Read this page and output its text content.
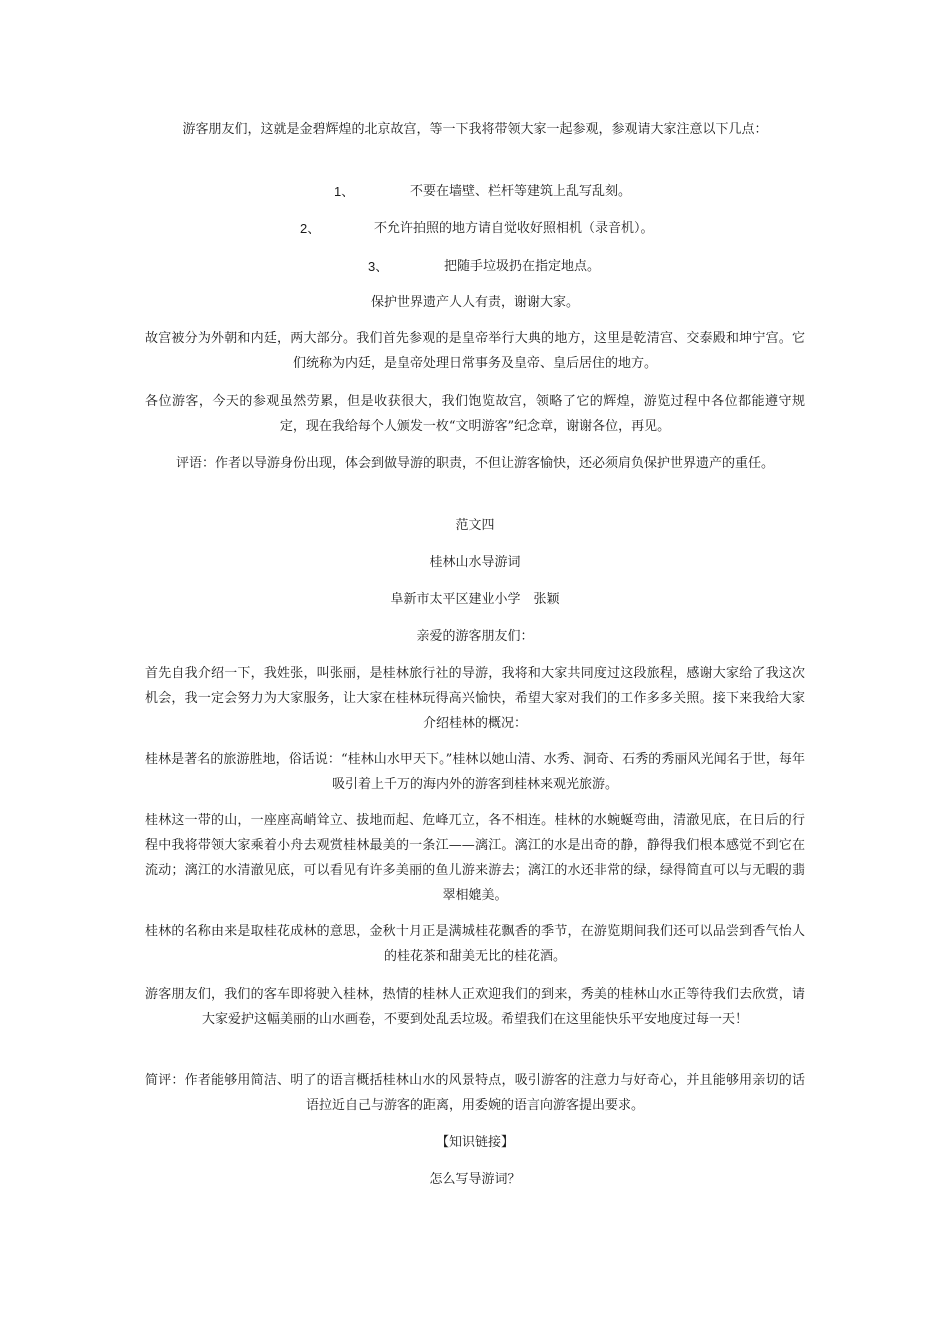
游客朋友们，这就是金碧辉煌的北京故宫，等一下我将带领大家一起参观，参观请大家注意以下几点：

1、	不要在墙壁、栏杆等建筑上乱写乱刻。
2、	不允许拍照的地方请自觉收好照相机（录音机）。
3、	把随手垃圾扔在指定地点。

保护世界遗产人人有责，谢谢大家。

故宫被分为外朝和内廷，两大部分。我们首先参观的是皇帝举行大典的地方，这里是乾清宫、交泰殿和坤宁宫。它们统称为内廷，是皇帝处理日常事务及皇帝、皇后居住的地方。

各位游客，今天的参观虽然劳累，但是收获很大，我们饱览故宫，领略了它的辉煌，游览过程中各位都能遵守规定，现在我给每个人颁发一枚“文明游客”纪念章，谢谢各位，再见。

评语：作者以导游身份出现，体会到做导游的职责，不但让游客愉快，还必须肩负保护世界遗产的重任。

范文四

桂林山水导游词

阜新市太平区建业小学　张颖

亲爱的游客朋友们：

首先自我介绍一下，我姓张，叫张丽，是桂林旅行社的导游，我将和大家共同度过这段旅程，感谢大家给了我这次机会，我一定会努力为大家服务，让大家在桂林玩得高兴愉快，希望大家对我们的工作多多关照。接下来我给大家介绍桂林的概况：

桂林是著名的旅游胜地，俗话说：“桂林山水甲天下。”桂林以她山清、水秀、洞奇、石秀的秀丽风光闻名于世，每年吸引着上千万的海内外的游客到桂林来观光旅游。

桂林这一带的山，一座座高峭耸立、拔地而起、危峰兀立，各不相连。桂林的水蜿蜒弯曲，清澈见底，在日后的行程中我将带领大家乘着小舟去观赏桂林最美的一条江——漓江。漓江的水是出奇的静，静得我们根本感觉不到它在流动；漓江的水清澈见底，可以看见有许多美丽的鱼儿游来游去；漓江的水还非常的绿，绿得简直可以与无暇的翡翠相媲美。

桂林的名称由来是取桂花成林的意思，金秋十月正是满城桂花飘香的季节，在游览期间我们还可以品尝到香气怡人的桂花茶和甜美无比的桂花酒。

游客朋友们，我们的客车即将驶入桂林，热情的桂林人正欢迎我们的到来，秀美的桂林山水正等待我们去欣赏，请大家爱护这幅美丽的山水画卷，不要到处乱丢垃圾。希望我们在这里能快乐平安地度过每一天！

简评：作者能够用简洁、明了的语言概括桂林山水的风景特点，吸引游客的注意力与好奇心，并且能够用亲切的话语拉近自己与游客的距离，用委婉的语言向游客提出要求。

【知识链接】

怎么写导游词？
